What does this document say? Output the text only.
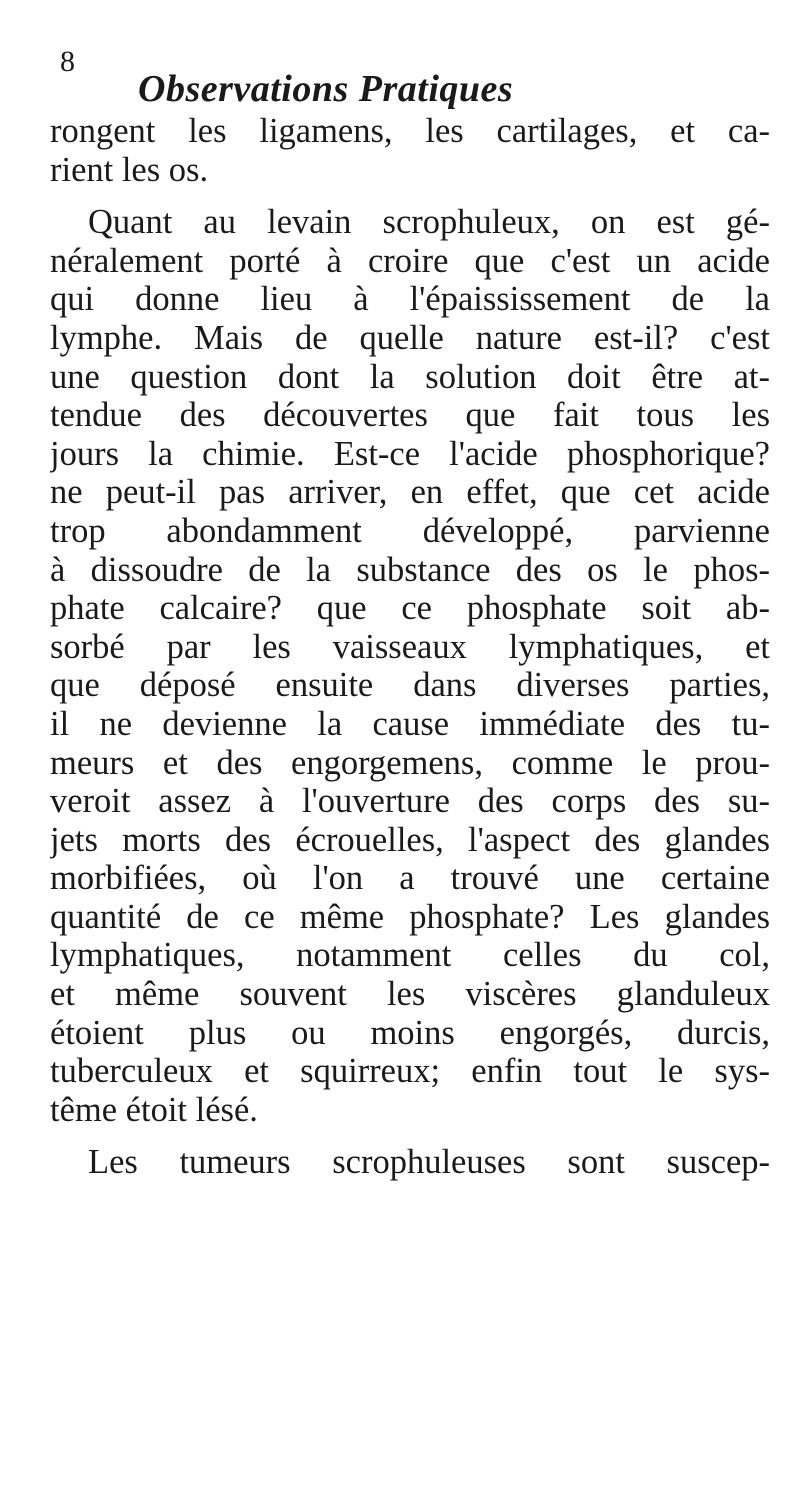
8
Observations Pratiques
rongent les ligamens, les cartilages, et ca-
rient les os.
Quant au levain scrophuleux, on est gé-
néralement porté à croire que c'est un acide
qui donne lieu à l'épaississement de la
lymphe. Mais de quelle nature est-il? c'est
une question dont la solution doit être at-
tendue des découvertes que fait tous les
jours la chimie. Est-ce l'acide phosphorique?
ne peut-il pas arriver, en effet, que cet acide
trop abondamment développé, parvienne
à dissoudre de la substance des os le phos-
phate calcaire? que ce phosphate soit ab-
sorbé par les vaisseaux lymphatiques, et
que déposé ensuite dans diverses parties,
il ne devienne la cause immédiate des tu-
meurs et des engorgemens, comme le prou-
veroit assez à l'ouverture des corps des su-
jets morts des écrouelles, l'aspect des glandes
morbifiées, où l'on a trouvé une certaine
quantité de ce même phosphate? Les glandes
lymphatiques, notamment celles du col,
et même souvent les viscères glanduleux
étoient plus ou moins engorgés, durcis,
tuberculeux et squirreux; enfin tout le sys-
tême étoit lésé.
Les tumeurs scrophuleuses sont suscep-
